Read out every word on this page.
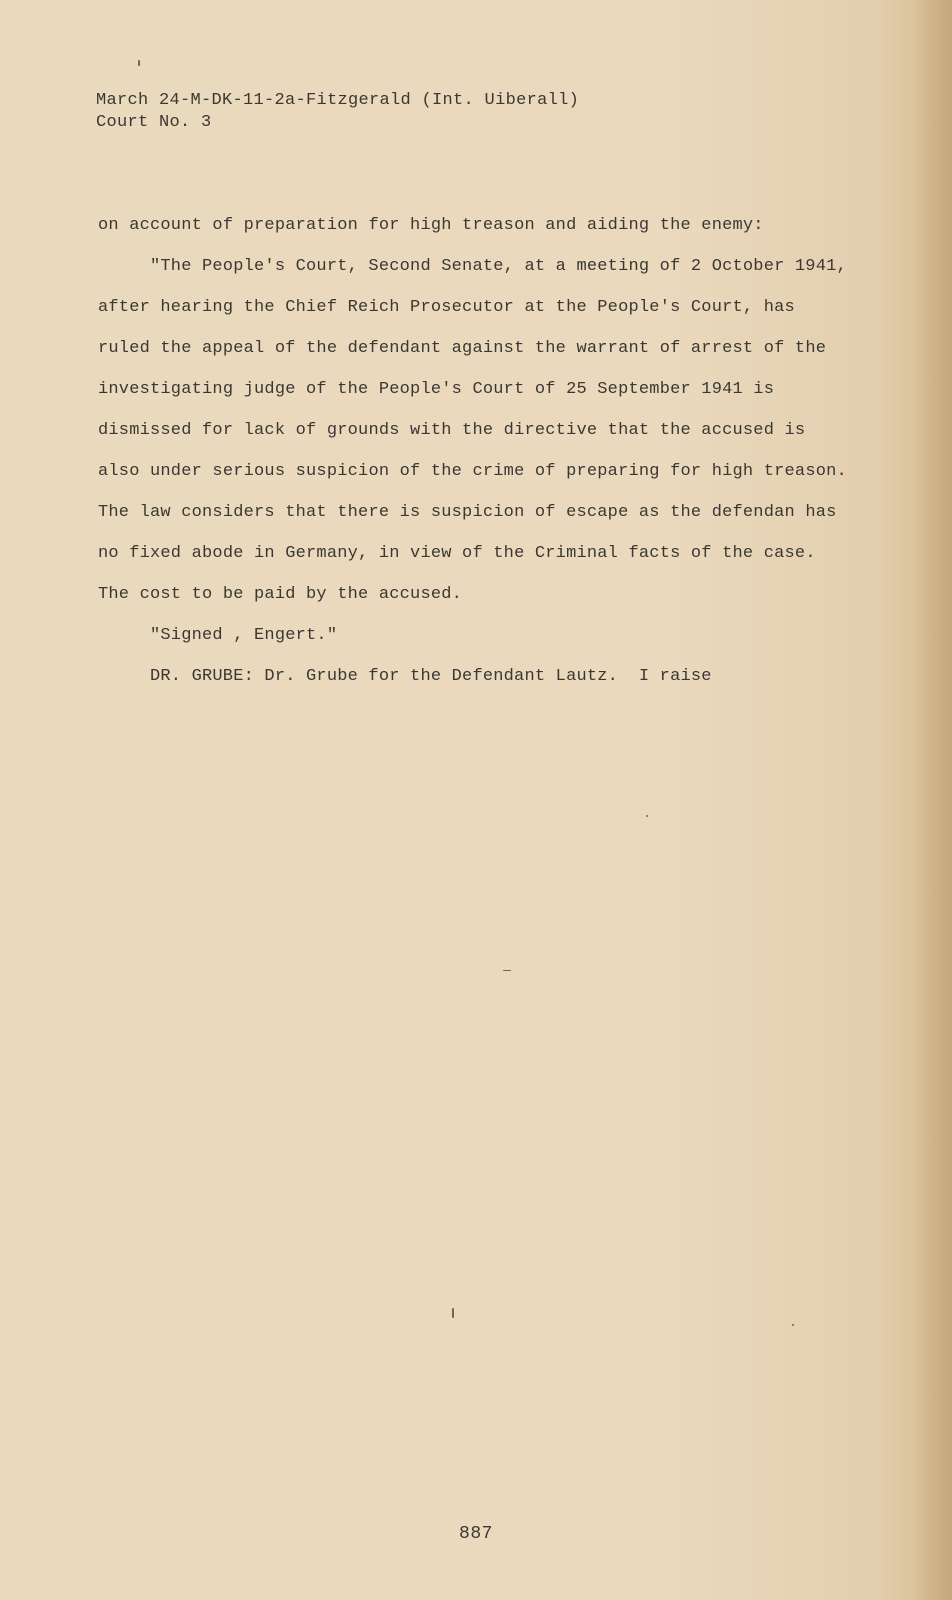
March 24-M-DK-11-2a-Fitzgerald (Int. Uiberall)
Court No. 3
on account of preparation for high treason and aiding the enemy:
"The People's Court, Second Senate, at a meeting of 2 October 1941,
after hearing the Chief Reich Prosecutor at the People's Court, has
ruled the appeal of the defendant against the warrant of arrest of the
investigating judge of the People's Court of 25 September 1941 is
dismissed for lack of grounds with the directive that the accused is
also under serious suspicion of the crime of preparing for high treason.
The law considers that there is suspicion of escape as the defendan has
no fixed abode in Germany, in view of the Criminal facts of the case.
The cost to be paid by the accused.
"Signed , Engert."
DR. GRUBE: Dr. Grube for the Defendant Lautz.  I raise
887
